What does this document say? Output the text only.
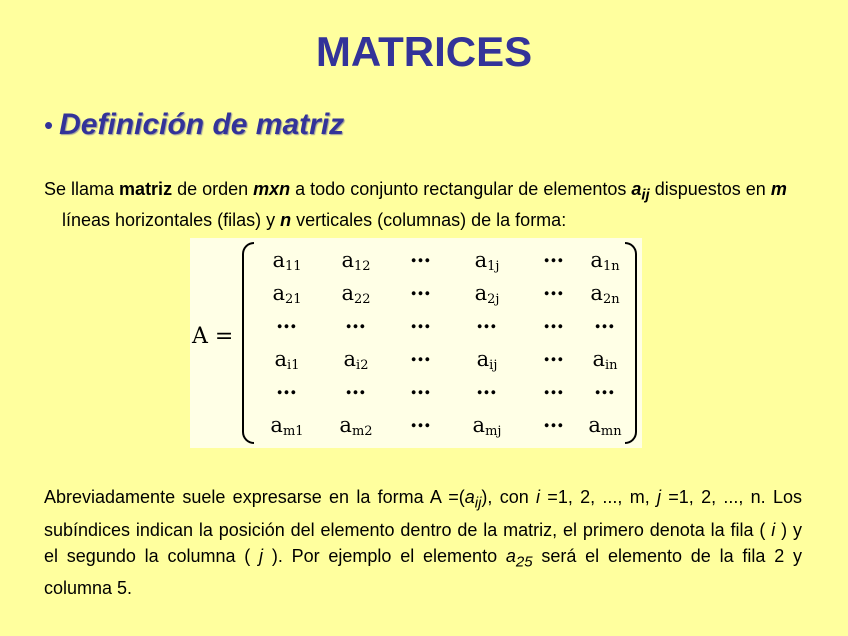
MATRICES
• Definición de matriz
Se llama matriz de orden mxn a todo conjunto rectangular de elementos $a_{ij}$ dispuestos en m líneas horizontales (filas) y n verticales (columnas) de la forma:
A =
$a_{11}$	$a_{12}$	…	$a_{1j}$	…	$a_{1n}$
$a_{21}$	$a_{22}$	…	$a_{2j}$	…	$a_{2n}$
…	…	…	…	…	…
$a_{i1}$	$a_{i2}$	…	$a_{ij}$	…	$a_{in}$
…	…	…	…	…	…
$a_{m1}$	$a_{m2}$	…	$a_{mj}$	…	$a_{mn}$
Abreviadamente suele expresarse en la forma $A =(a_{ij})$, con i =1, 2, ..., m, j =1, 2, ..., n. Los subíndices indican la posición del elemento dentro de la matriz, el primero denota la fila ( i ) y el segundo la columna ( j ). Por ejemplo el elemento $a_{25}$ será el elemento de la fila 2 y columna 5.
